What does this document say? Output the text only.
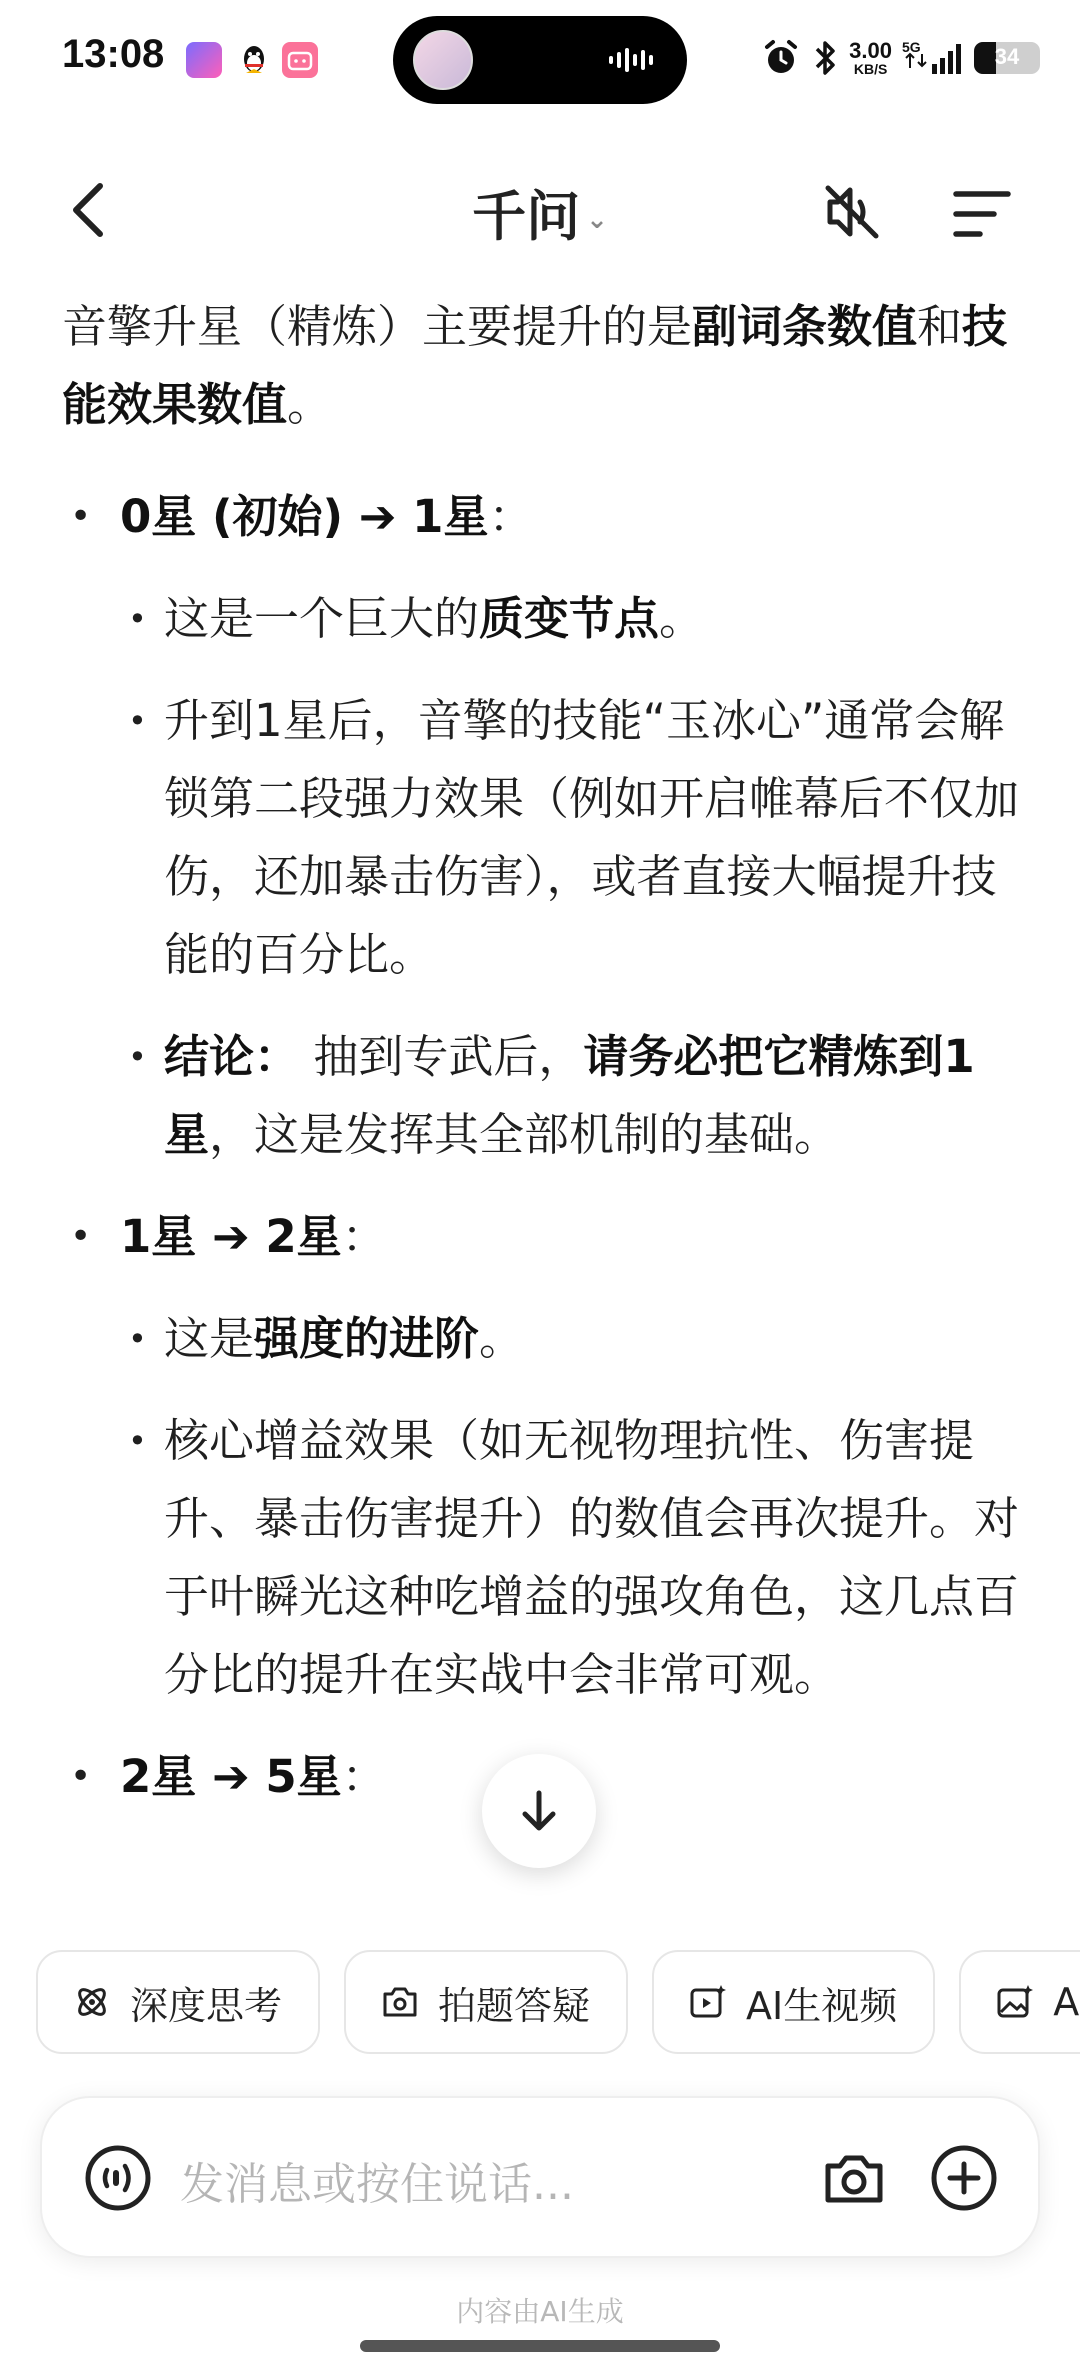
13:08	3.00
KB/S
5G	34
千问 ⌄
音擎升星（精炼）主要提升的是副词条数值和技能效果数值。
• 0星 (初始) ➔ 1星：
• 这是一个巨大的质变节点。
• 升到1星后，音擎的技能“玉冰心”通常会解锁第二段强力效果（例如开启帷幕后不仅加伤，还加暴击伤害），或者直接大幅提升技能的百分比。
• 结论： 抽到专武后，请务必把它精炼到1星，这是发挥其全部机制的基础。
• 1星 ➔ 2星：
• 这是强度的进阶。
• 核心增益效果（如无视物理抗性、伤害提升、暴击伤害提升）的数值会再次提升。对于叶瞬光这种吃增益的强攻角色，这几点百分比的提升在实战中会非常可观。
• 2星 ➔ 5星：
深度思考	拍题答疑	AI生视频	A
发消息或按住说话...
内容由AI生成
